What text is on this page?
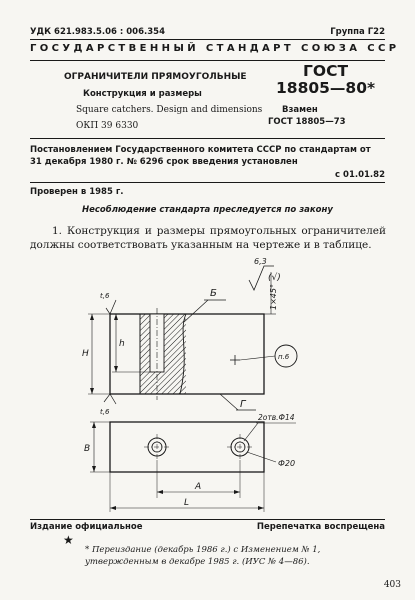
УДК 621.983.5.06 : 006.354	Группа Г22
ГОСУДАРСТВЕННЫЙ СТАНДАРТ СОЮЗА ССР
ОГРАНИЧИТЕЛИ ПРЯМОУГОЛЬНЫЕ
Конструкция и размеры
Square catchers. Design and dimensions
ОКП 39 6330
ГОСТ
18805—80*
Взамен
ГОСТ 18805—73
Постановлением Государственного комитета СССР по стандартам от 31 декабря 1980 г. № 6296 срок введения установлен
с 01.01.82
Проверен в 1985 г.
Несоблюдение стандарта преследуется по закону
1. Конструкция и размеры прямоугольных ограничителей должны соответствовать указанным на чертеже и в таблице.
6,3
(√)
п.6
1×45°
Б
Г
H
h
t,6
t,6
2отв.Ф14
Ф20
В
А
L
Издание официальное	Перепечатка воспрещена
★
* Переиздание (декабрь 1986 г.) с Изменением № 1, утвержденным в декабре 1985 г. (ИУС № 4—86).
403
